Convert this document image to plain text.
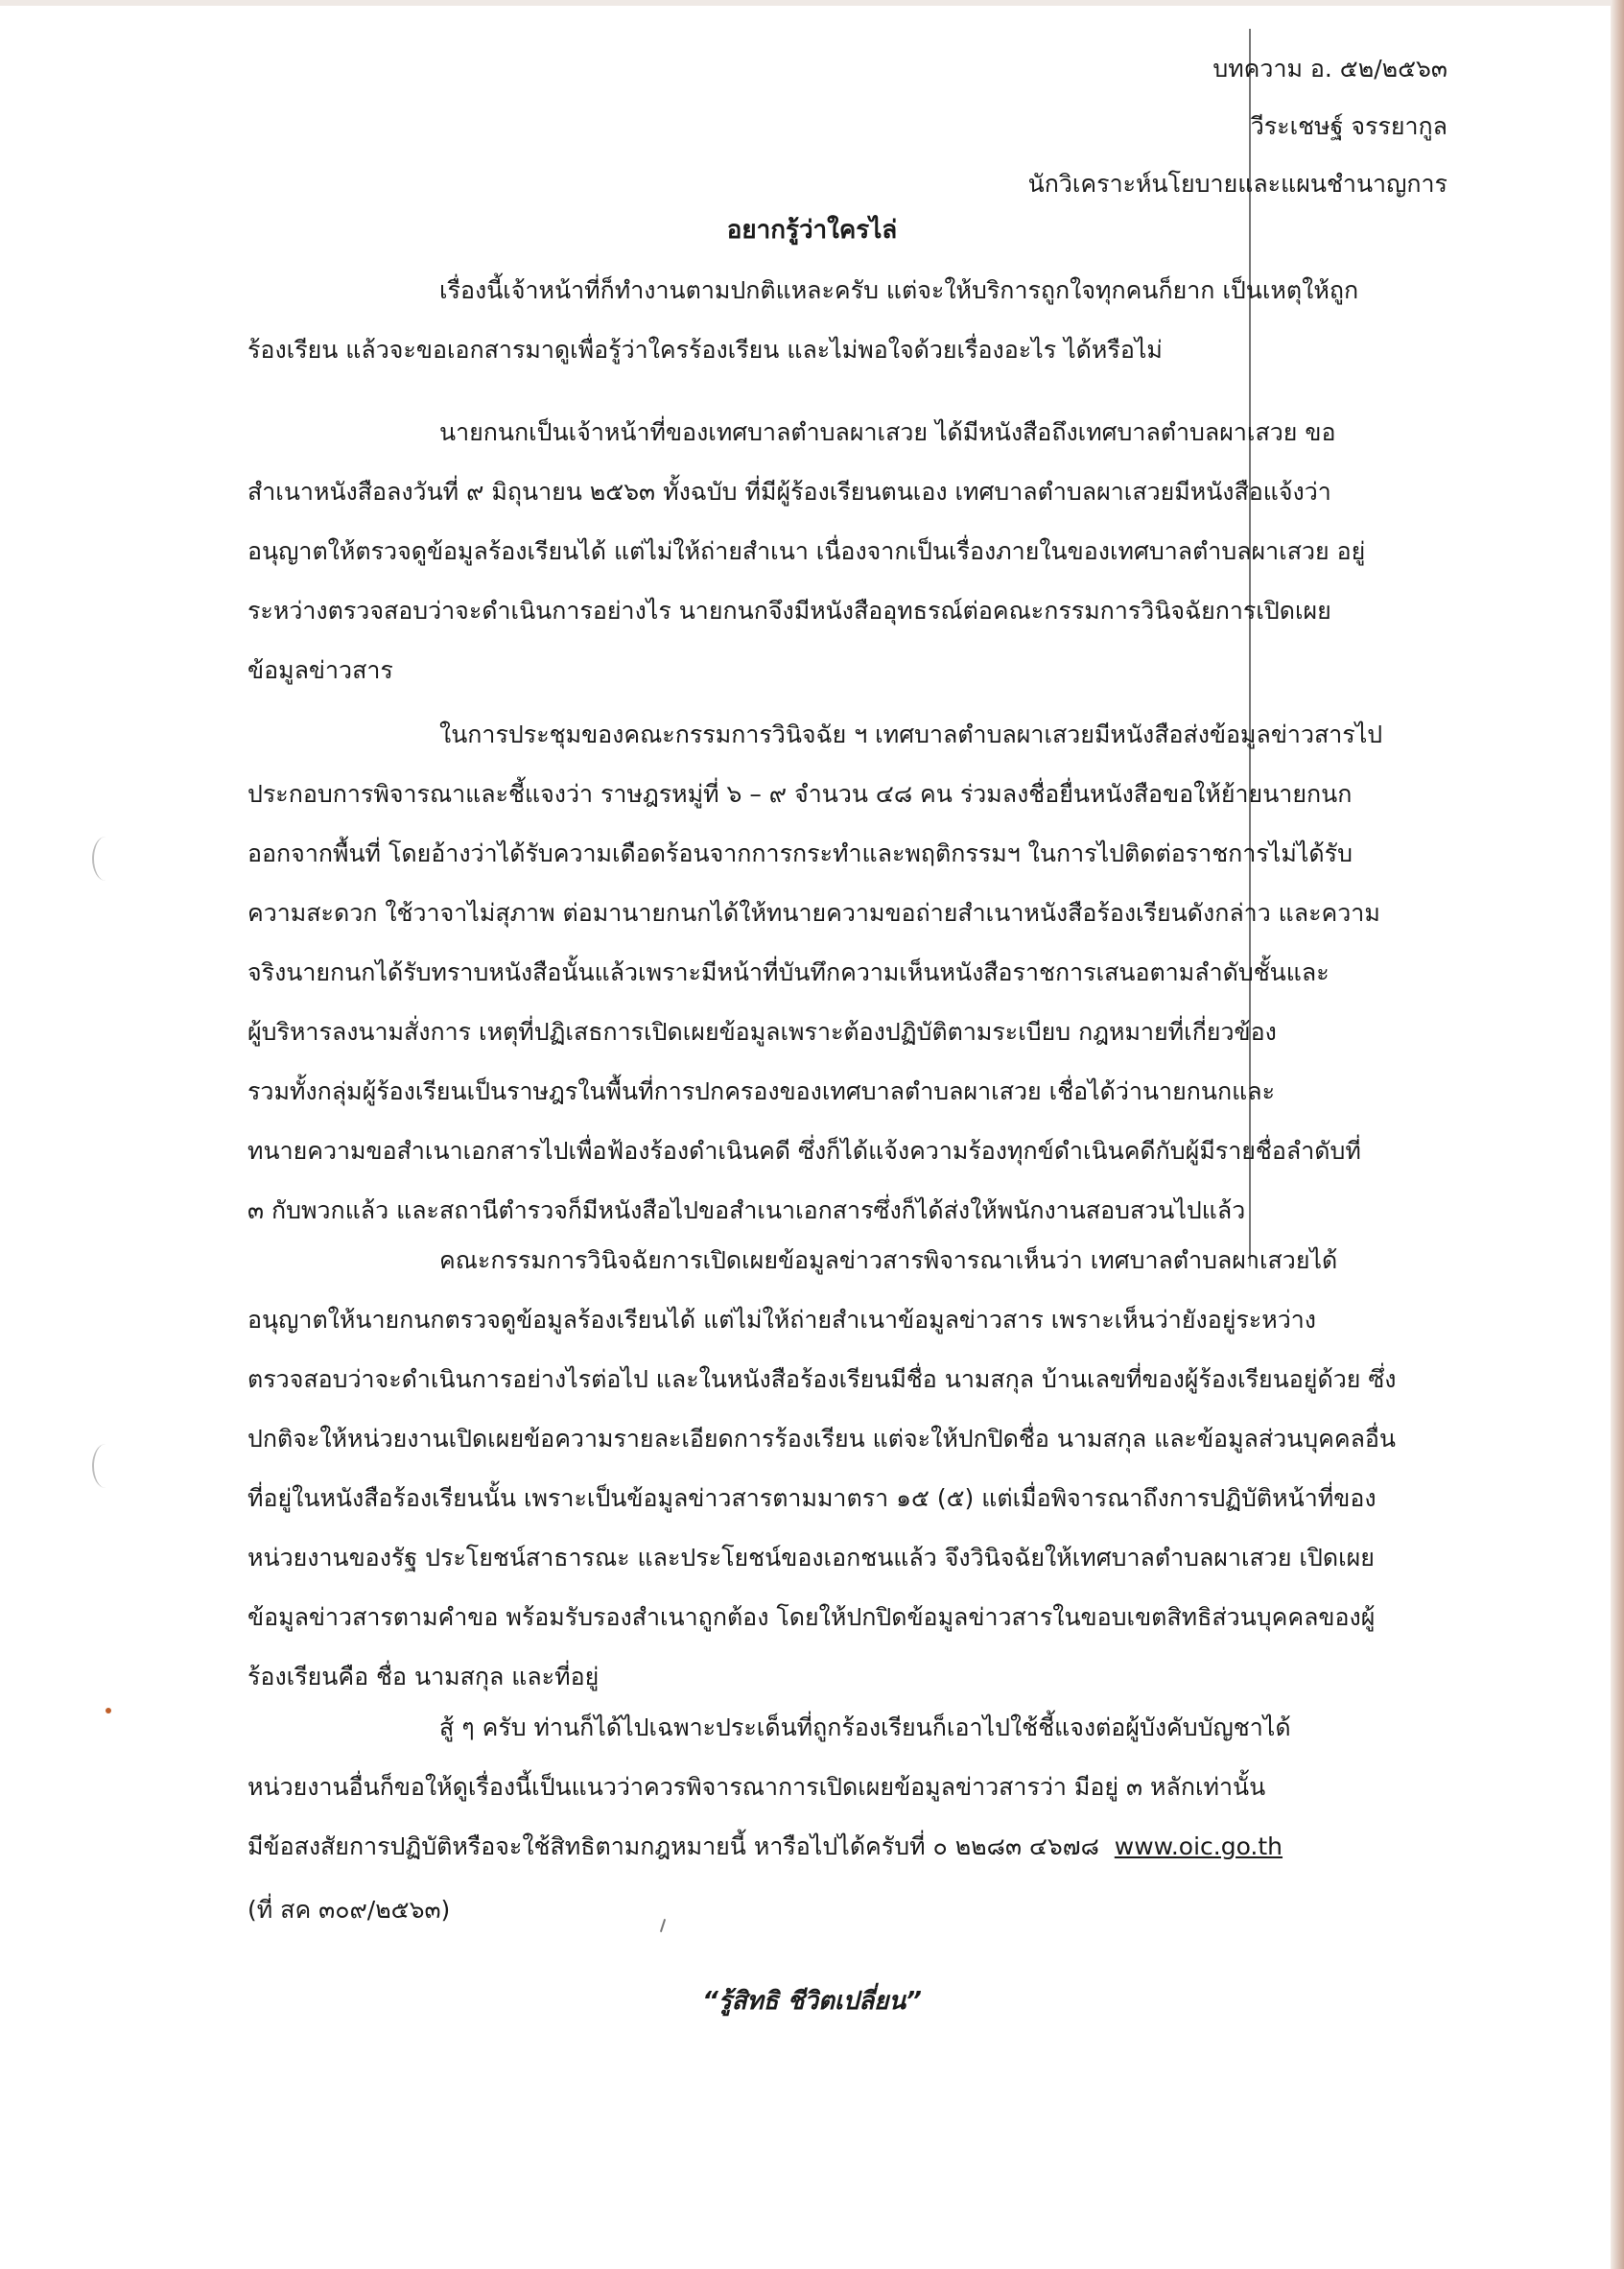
บทความ อ. ๕๒/๒๕๖๓
วีระเชษฐ์ จรรยากูล
นักวิเคราะห์นโยบายและแผนชำนาญการ
อยากรู้ว่าใครไล่
เรื่องนี้เจ้าหน้าที่ก็ทำงานตามปกติแหละครับ แต่จะให้บริการถูกใจทุกคนก็ยาก เป็นเหตุให้ถูก
ร้องเรียน แล้วจะขอเอกสารมาดูเพื่อรู้ว่าใครร้องเรียน และไม่พอใจด้วยเรื่องอะไร ได้หรือไม่
นายกนกเป็นเจ้าหน้าที่ของเทศบาลตำบลผาเสวย ได้มีหนังสือถึงเทศบาลตำบลผาเสวย ขอ
สำเนาหนังสือลงวันที่ ๙ มิถุนายน ๒๕๖๓ ทั้งฉบับ ที่มีผู้ร้องเรียนตนเอง เทศบาลตำบลผาเสวยมีหนังสือแจ้งว่า
อนุญาตให้ตรวจดูข้อมูลร้องเรียนได้ แต่ไม่ให้ถ่ายสำเนา เนื่องจากเป็นเรื่องภายในของเทศบาลตำบลผาเสวย อยู่
ระหว่างตรวจสอบว่าจะดำเนินการอย่างไร นายกนกจึงมีหนังสืออุทธรณ์ต่อคณะกรรมการวินิจฉัยการเปิดเผย
ข้อมูลข่าวสาร
ในการประชุมของคณะกรรมการวินิจฉัย ฯ เทศบาลตำบลผาเสวยมีหนังสือส่งข้อมูลข่าวสารไป
ประกอบการพิจารณาและชี้แจงว่า ราษฎรหมู่ที่ ๖ – ๙ จำนวน ๔๘ คน ร่วมลงชื่อยื่นหนังสือขอให้ย้ายนายกนก
ออกจากพื้นที่ โดยอ้างว่าได้รับความเดือดร้อนจากการกระทำและพฤติกรรมฯ ในการไปติดต่อราชการไม่ได้รับ
ความสะดวก ใช้วาจาไม่สุภาพ ต่อมานายกนกได้ให้ทนายความขอถ่ายสำเนาหนังสือร้องเรียนดังกล่าว และความ
จริงนายกนกได้รับทราบหนังสือนั้นแล้วเพราะมีหน้าที่บันทึกความเห็นหนังสือราชการเสนอตามลำดับชั้นและ
ผู้บริหารลงนามสั่งการ เหตุที่ปฏิเสธการเปิดเผยข้อมูลเพราะต้องปฏิบัติตามระเบียบ กฎหมายที่เกี่ยวข้อง
รวมทั้งกลุ่มผู้ร้องเรียนเป็นราษฎรในพื้นที่การปกครองของเทศบาลตำบลผาเสวย เชื่อได้ว่านายกนกและ
ทนายความขอสำเนาเอกสารไปเพื่อฟ้องร้องดำเนินคดี ซึ่งก็ได้แจ้งความร้องทุกข์ดำเนินคดีกับผู้มีรายชื่อลำดับที่
๓ กับพวกแล้ว และสถานีตำรวจก็มีหนังสือไปขอสำเนาเอกสารซึ่งก็ได้ส่งให้พนักงานสอบสวนไปแล้ว
คณะกรรมการวินิจฉัยการเปิดเผยข้อมูลข่าวสารพิจารณาเห็นว่า เทศบาลตำบลผาเสวยได้
อนุญาตให้นายกนกตรวจดูข้อมูลร้องเรียนได้ แต่ไม่ให้ถ่ายสำเนาข้อมูลข่าวสาร เพราะเห็นว่ายังอยู่ระหว่าง
ตรวจสอบว่าจะดำเนินการอย่างไรต่อไป และในหนังสือร้องเรียนมีชื่อ นามสกุล บ้านเลขที่ของผู้ร้องเรียนอยู่ด้วย ซึ่ง
ปกติจะให้หน่วยงานเปิดเผยข้อความรายละเอียดการร้องเรียน แต่จะให้ปกปิดชื่อ นามสกุล และข้อมูลส่วนบุคคลอื่น
ที่อยู่ในหนังสือร้องเรียนนั้น เพราะเป็นข้อมูลข่าวสารตามมาตรา ๑๕ (๕) แต่เมื่อพิจารณาถึงการปฏิบัติหน้าที่ของ
หน่วยงานของรัฐ ประโยชน์สาธารณะ และประโยชน์ของเอกชนแล้ว จึงวินิจฉัยให้เทศบาลตำบลผาเสวย เปิดเผย
ข้อมูลข่าวสารตามคำขอ พร้อมรับรองสำเนาถูกต้อง โดยให้ปกปิดข้อมูลข่าวสารในขอบเขตสิทธิส่วนบุคคลของผู้
ร้องเรียนคือ ชื่อ นามสกุล และที่อยู่
สู้ ๆ ครับ ท่านก็ได้ไปเฉพาะประเด็นที่ถูกร้องเรียนก็เอาไปใช้ชี้แจงต่อผู้บังคับบัญชาได้
หน่วยงานอื่นก็ขอให้ดูเรื่องนี้เป็นแนวว่าควรพิจารณาการเปิดเผยข้อมูลข่าวสารว่า มีอยู่ ๓ หลักเท่านั้น
มีข้อสงสัยการปฏิบัติหรือจะใช้สิทธิตามกฎหมายนี้ หารือไปได้ครับที่ ๐ ๒๒๘๓ ๔๖๗๘ www.oic.go.th
(ที่ สค ๓๐๙/๒๕๖๓)
“รู้สิทธิ ชีวิตเปลี่ยน”
